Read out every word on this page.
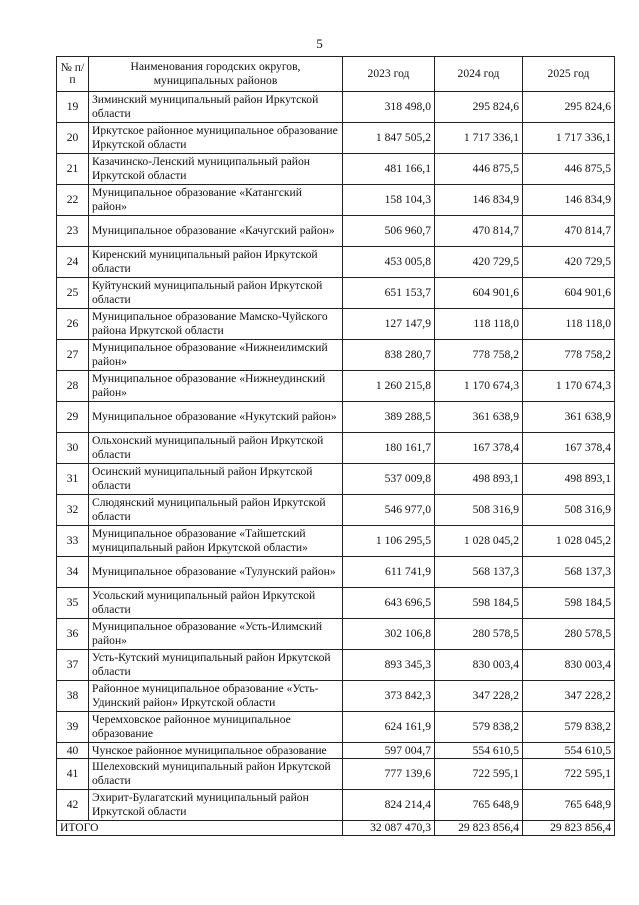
5
№ п/п	Наименования городских округов, муниципальных районов	2023 год	2024 год	2025 год
19	Зиминский муниципальный район Иркутской области	318 498,0	295 824,6	295 824,6
20	Иркутское районное муниципальное образование Иркутской области	1 847 505,2	1 717 336,1	1 717 336,1
21	Казачинско-Ленский муниципальный район Иркутской области	481 166,1	446 875,5	446 875,5
22	Муниципальное образование «Катангский район»	158 104,3	146 834,9	146 834,9
23	Муниципальное образование «Качугский район»	506 960,7	470 814,7	470 814,7
24	Киренский муниципальный район Иркутской области	453 005,8	420 729,5	420 729,5
25	Куйтунский муниципальный район Иркутской области	651 153,7	604 901,6	604 901,6
26	Муниципальное образование Мамско-Чуйского района Иркутской области	127 147,9	118 118,0	118 118,0
27	Муниципальное образование «Нижнеилимский район»	838 280,7	778 758,2	778 758,2
28	Муниципальное образование «Нижнеудинский район»	1 260 215,8	1 170 674,3	1 170 674,3
29	Муниципальное образование «Нукутский район»	389 288,5	361 638,9	361 638,9
30	Ольхонский муниципальный район Иркутской области	180 161,7	167 378,4	167 378,4
31	Осинский муниципальный район Иркутской области	537 009,8	498 893,1	498 893,1
32	Слюдянский муниципальный район Иркутской области	546 977,0	508 316,9	508 316,9
33	Муниципальное образование «Тайшетский муниципальный район Иркутской области»	1 106 295,5	1 028 045,2	1 028 045,2
34	Муниципальное образование «Тулунский район»	611 741,9	568 137,3	568 137,3
35	Усольский муниципальный район Иркутской области	643 696,5	598 184,5	598 184,5
36	Муниципальное образование «Усть-Илимский район»	302 106,8	280 578,5	280 578,5
37	Усть-Кутский муниципальный район Иркутской области	893 345,3	830 003,4	830 003,4
38	Районное муниципальное образование «Усть-Удинский район» Иркутской области	373 842,3	347 228,2	347 228,2
39	Черемховское районное муниципальное образование	624 161,9	579 838,2	579 838,2
40	Чунское районное муниципальное образование	597 004,7	554 610,5	554 610,5
41	Шелеховский муниципальный район Иркутской области	777 139,6	722 595,1	722 595,1
42	Эхирит-Булагатский муниципальный район Иркутской области	824 214,4	765 648,9	765 648,9
ИТОГО		32 087 470,3	29 823 856,4	29 823 856,4
